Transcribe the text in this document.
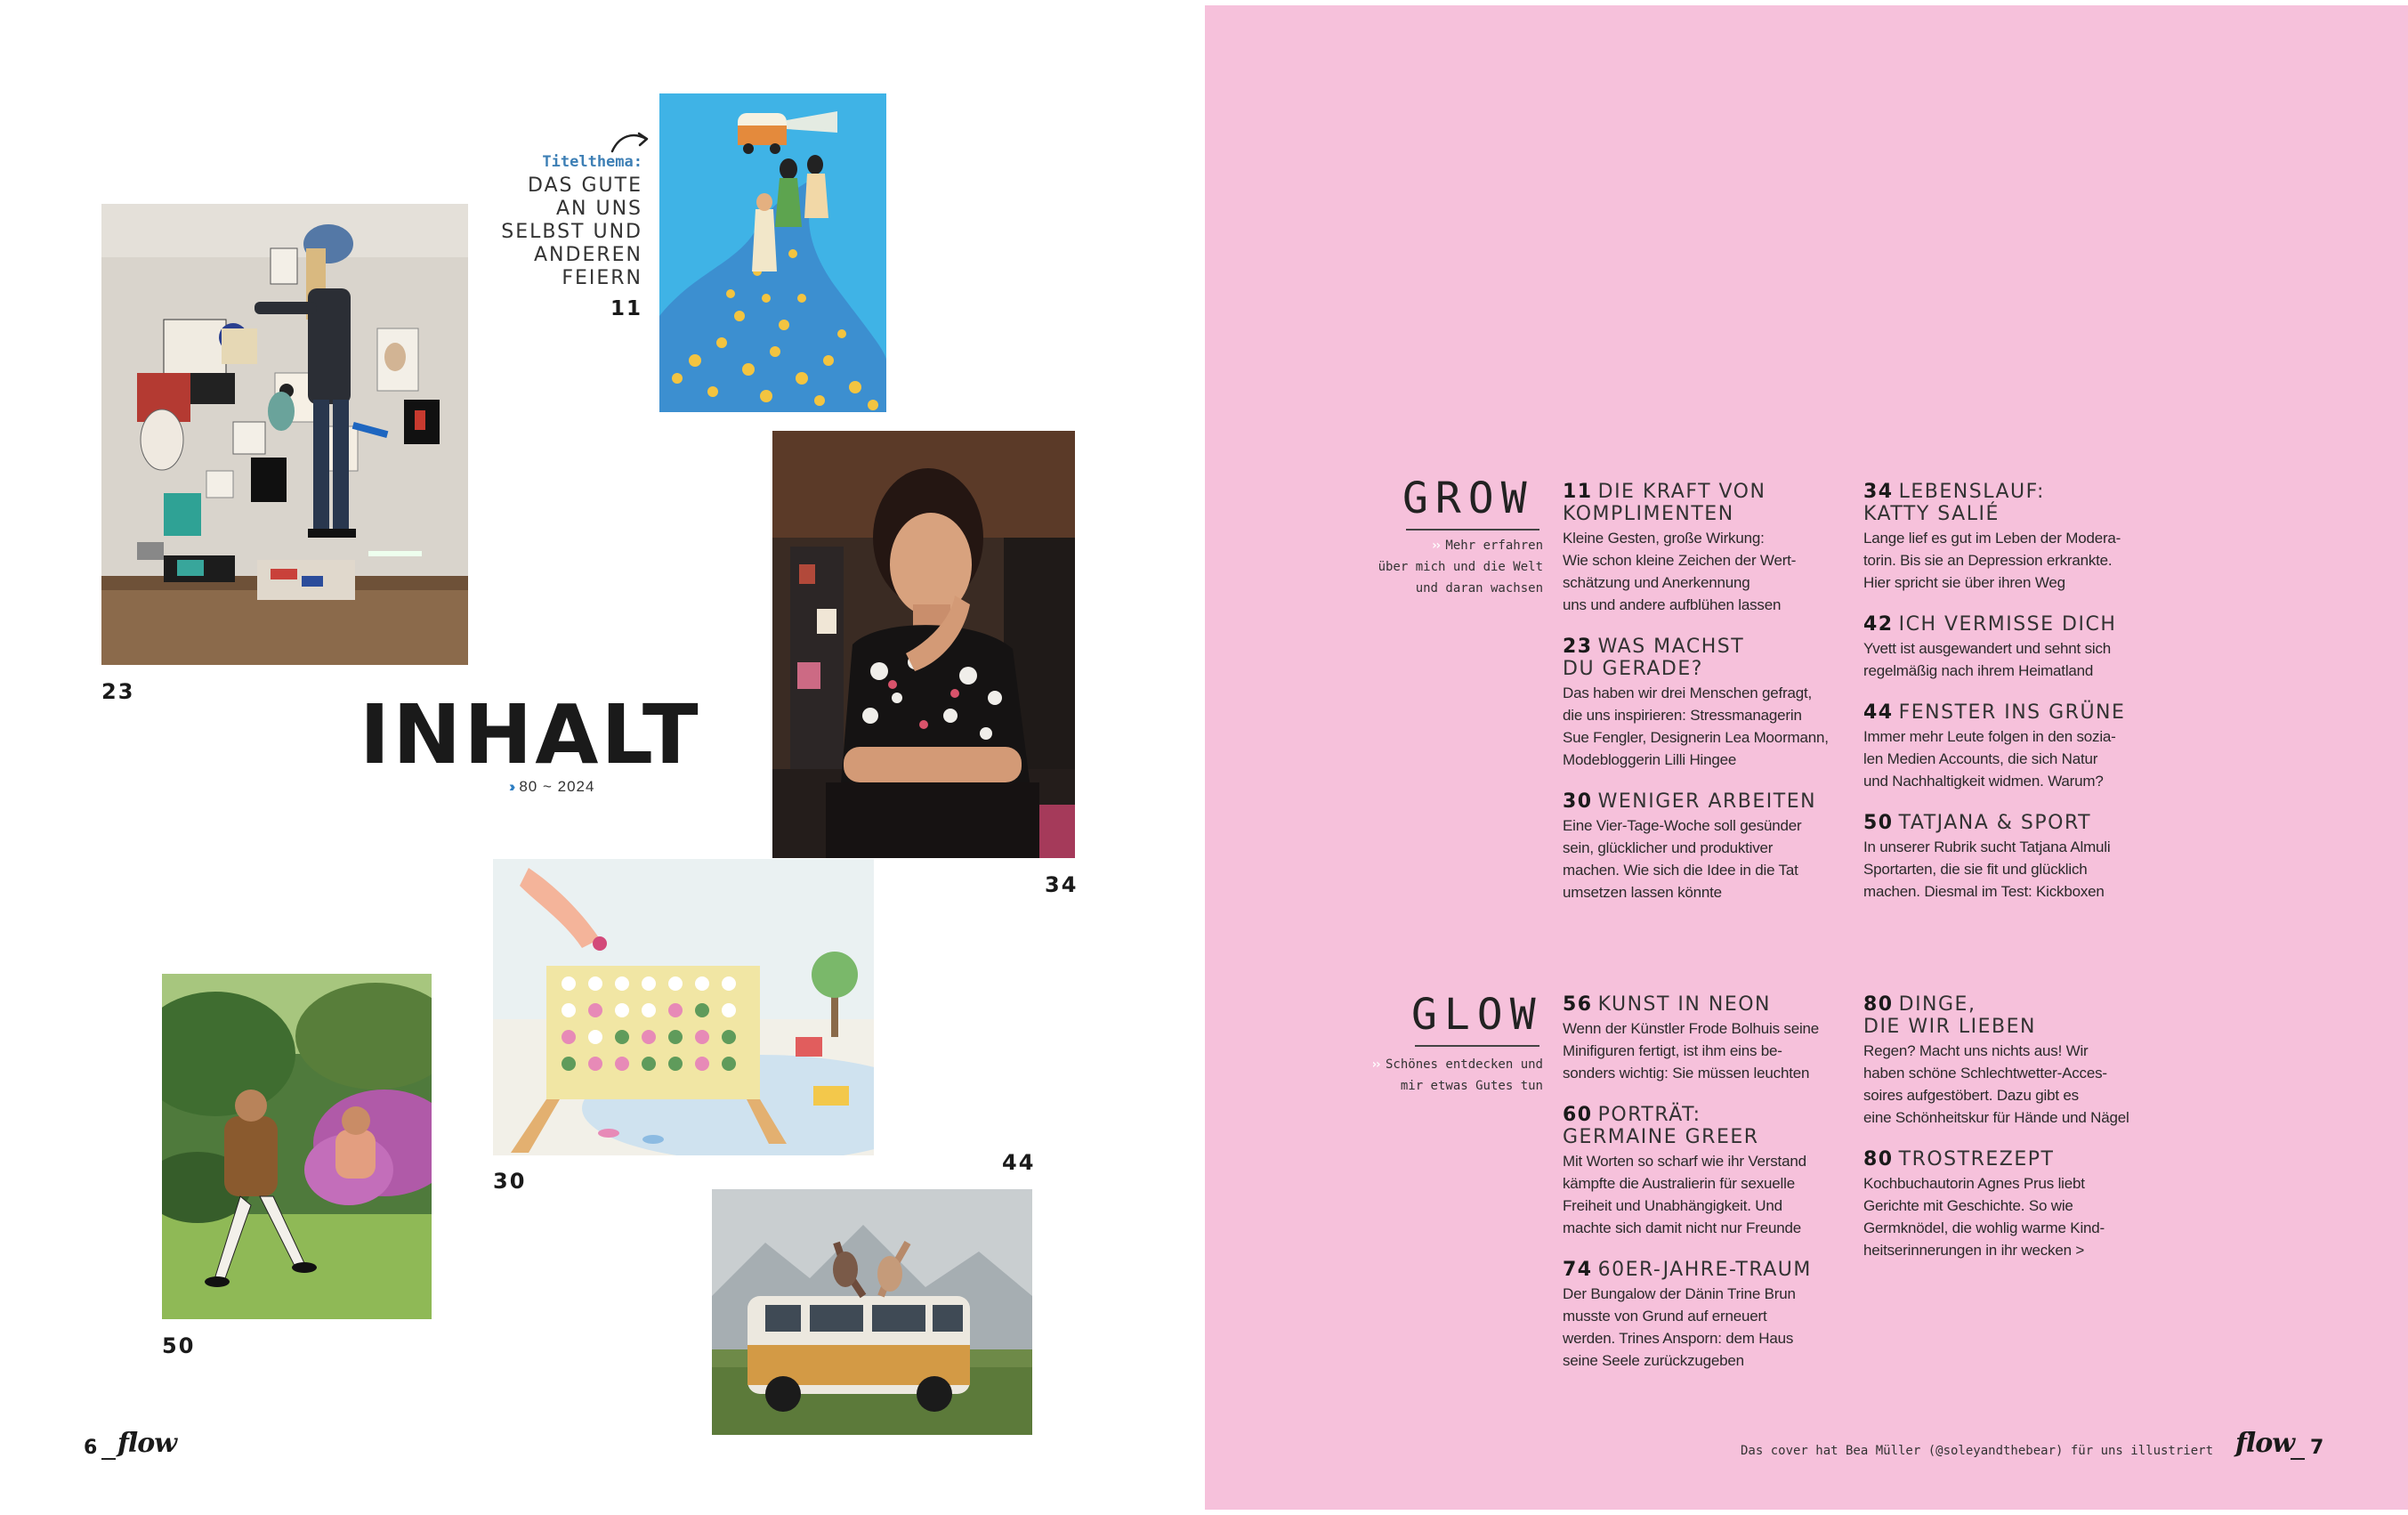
23
Titelthema:
DAS GUTE
AN UNS
SELBST UND
ANDEREN
FEIERN
11
34
INHALT
›› 80 ~ 2024
30
44
50
6 flow
GROW
›› Mehr erfahren
über mich und die Welt
und daran wachsen
11 DIE KRAFT VON
KOMPLIMENTEN
Kleine Gesten, große Wirkung:
Wie schon kleine Zeichen der Wert-
schätzung und Anerkennung
uns und andere aufblühen lassen
23 WAS MACHST
DU GERADE?
Das haben wir drei Menschen gefragt,
die uns inspirieren: Stressmanagerin
Sue Fengler, Designerin Lea Moormann,
Modebloggerin Lilli Hingee
30 WENIGER ARBEITEN
Eine Vier-Tage-Woche soll gesünder
sein, glücklicher und produktiver
machen. Wie sich die Idee in die Tat
umsetzen lassen könnte
34 LEBENSLAUF:
KATTY SALIÉ
Lange lief es gut im Leben der Modera-
torin. Bis sie an Depression erkrankte.
Hier spricht sie über ihren Weg
42 ICH VERMISSE DICH
Yvett ist ausgewandert und sehnt sich
regelmäßig nach ihrem Heimatland
44 FENSTER INS GRÜNE
Immer mehr Leute folgen in den sozia-
len Medien Accounts, die sich Natur
und Nachhaltigkeit widmen. Warum?
50 TATJANA & SPORT
In unserer Rubrik sucht Tatjana Almuli
Sportarten, die sie fit und glücklich
machen. Diesmal im Test: Kickboxen
GLOW
›› Schönes entdecken und
mir etwas Gutes tun
56 KUNST IN NEON
Wenn der Künstler Frode Bolhuis seine
Minifiguren fertigt, ist ihm eins be-
sonders wichtig: Sie müssen leuchten
60 PORTRÄT:
GERMAINE GREER
Mit Worten so scharf wie ihr Verstand
kämpfte die Australierin für sexuelle
Freiheit und Unabhängigkeit. Und
machte sich damit nicht nur Freunde
74 60ER-JAHRE-TRAUM
Der Bungalow der Dänin Trine Brun
musste von Grund auf erneuert
werden. Trines Ansporn: dem Haus
seine Seele zurückzugeben
80 DINGE,
DIE WIR LIEBEN
Regen? Macht uns nichts aus! Wir
haben schöne Schlechtwetter-Acces-
soires aufgestöbert. Dazu gibt es
eine Schönheitskur für Hände und Nägel
80 TROSTREZEPT
Kochbuchautorin Agnes Prus liebt
Gerichte mit Geschichte. So wie
Germknödel, die wohlig warme Kind-
heitserinnerungen in ihr wecken >
Das cover hat Bea Müller (@soleyandthebear) für uns illustriert flow 7
